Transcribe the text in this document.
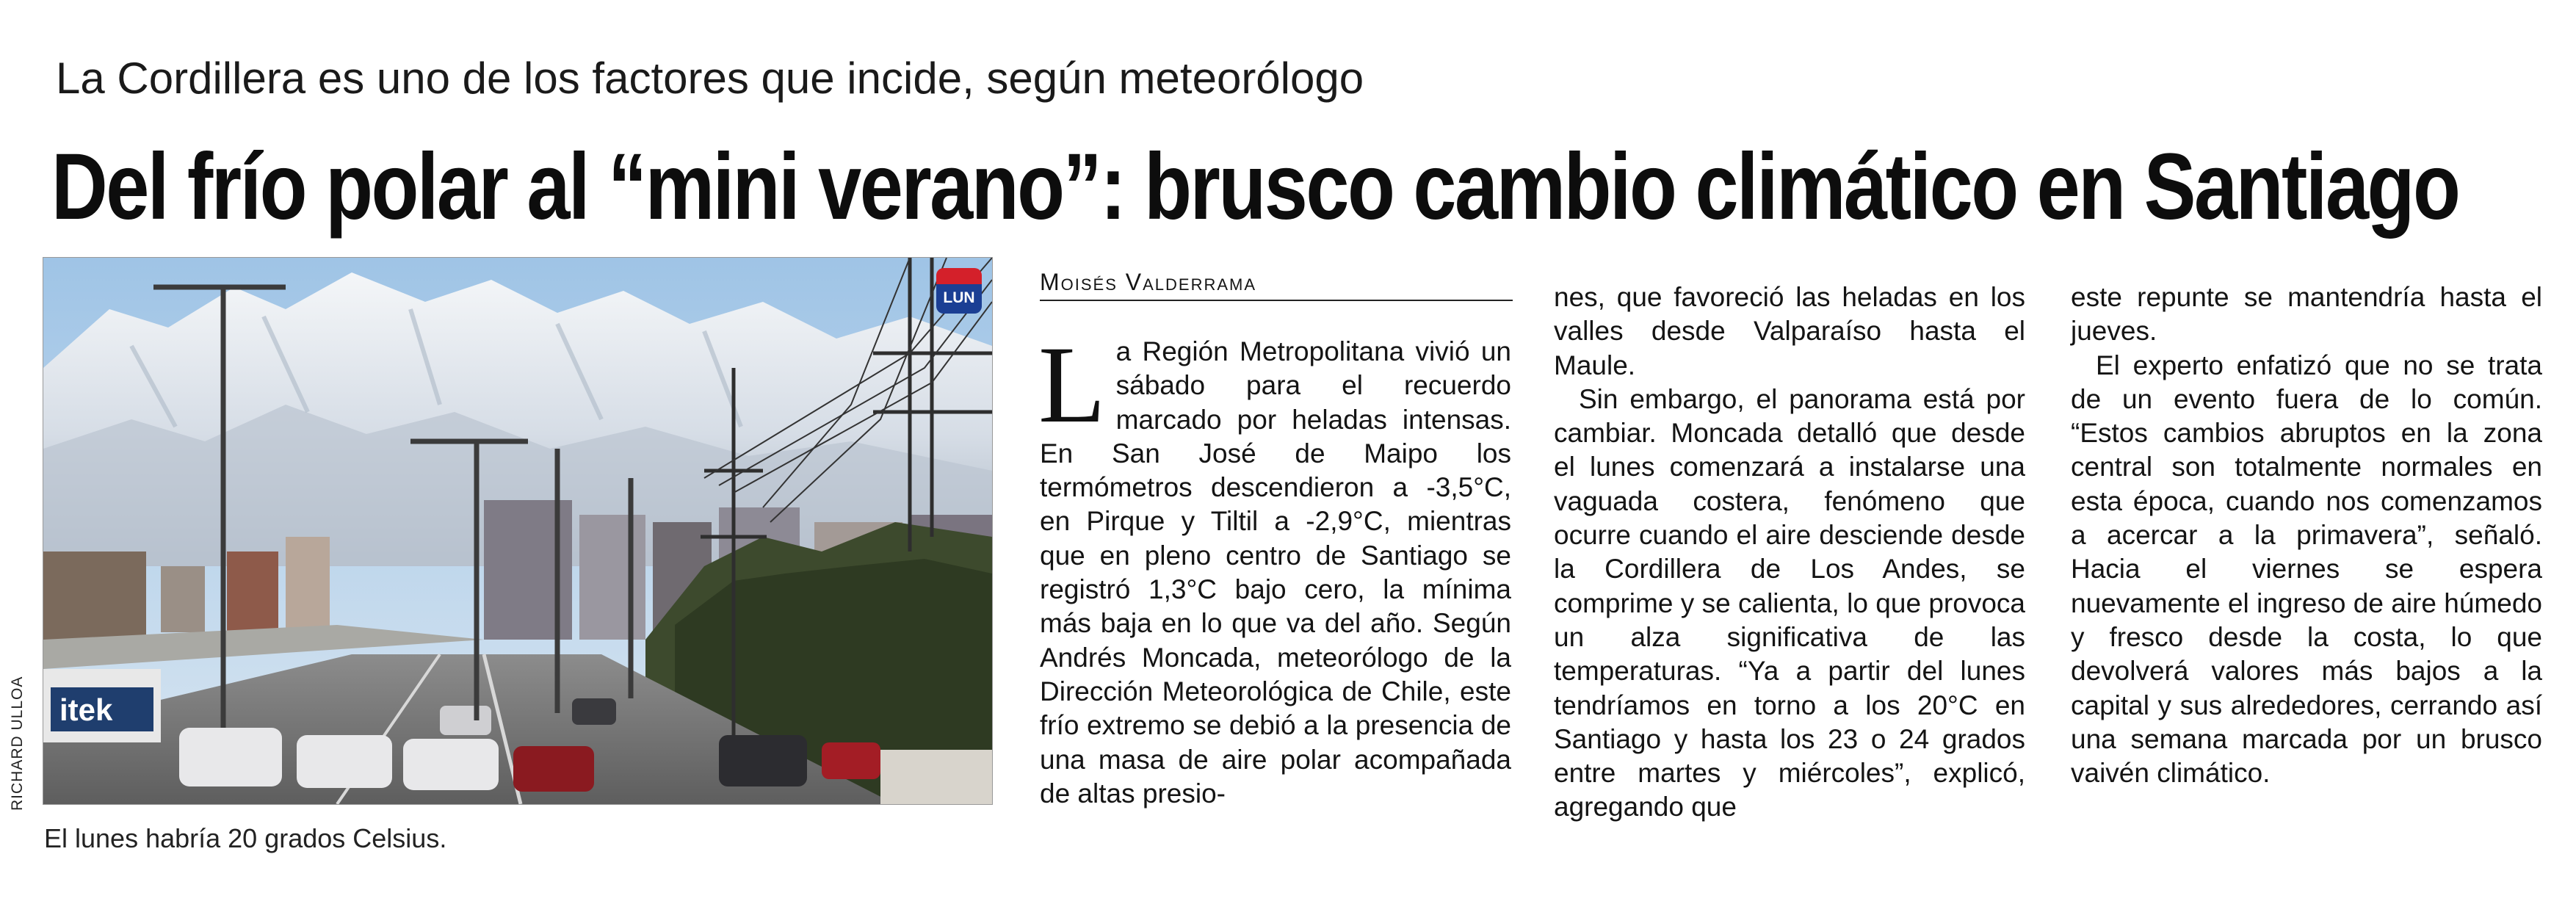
La Cordillera es uno de los factores que incide, según meteorólogo
Del frío polar al “mini verano”: brusco cambio climático en Santiago
itek
LUN
RICHARD ULLOA
El lunes habría 20 grados Celsius.
Moisés Valderrama
L a Región Metropolitana vivió un sábado para el recuerdo marcado por heladas intensas. En San José de Maipo los termómetros descendieron a -3,5°C, en Pirque y Tiltil a -2,9°C, mientras que en pleno centro de Santiago se registró 1,3°C bajo cero, la mínima más baja en lo que va del año. Según Andrés Moncada, meteorólogo de la Dirección Meteorológica de Chile, este frío extremo se debió a la presencia de una masa de aire polar acompañada de altas presio-

nes, que favoreció las heladas en los valles desde Valparaíso hasta el Maule.

Sin embargo, el panorama está por cambiar. Moncada detalló que desde el lunes comenzará a instalarse una vaguada costera, fenómeno que ocurre cuando el aire desciende desde la Cordillera de Los Andes, se comprime y se calienta, lo que provoca un alza significativa de las temperaturas. “Ya a partir del lunes tendríamos en torno a los 20°C en Santiago y hasta los 23 o 24 grados entre martes y miércoles”, explicó, agregando que

este repunte se mantendría hasta el jueves.

El experto enfatizó que no se trata de un evento fuera de lo común. “Estos cambios abruptos en la zona central son totalmente normales en esta época, cuando nos comenzamos a acercar a la primavera”, señaló. Hacia el viernes se espera nuevamente el ingreso de aire húmedo y fresco desde la costa, lo que devolverá valores más bajos a la capital y sus alrededores, cerrando así una semana marcada por un brusco vaivén climático.
